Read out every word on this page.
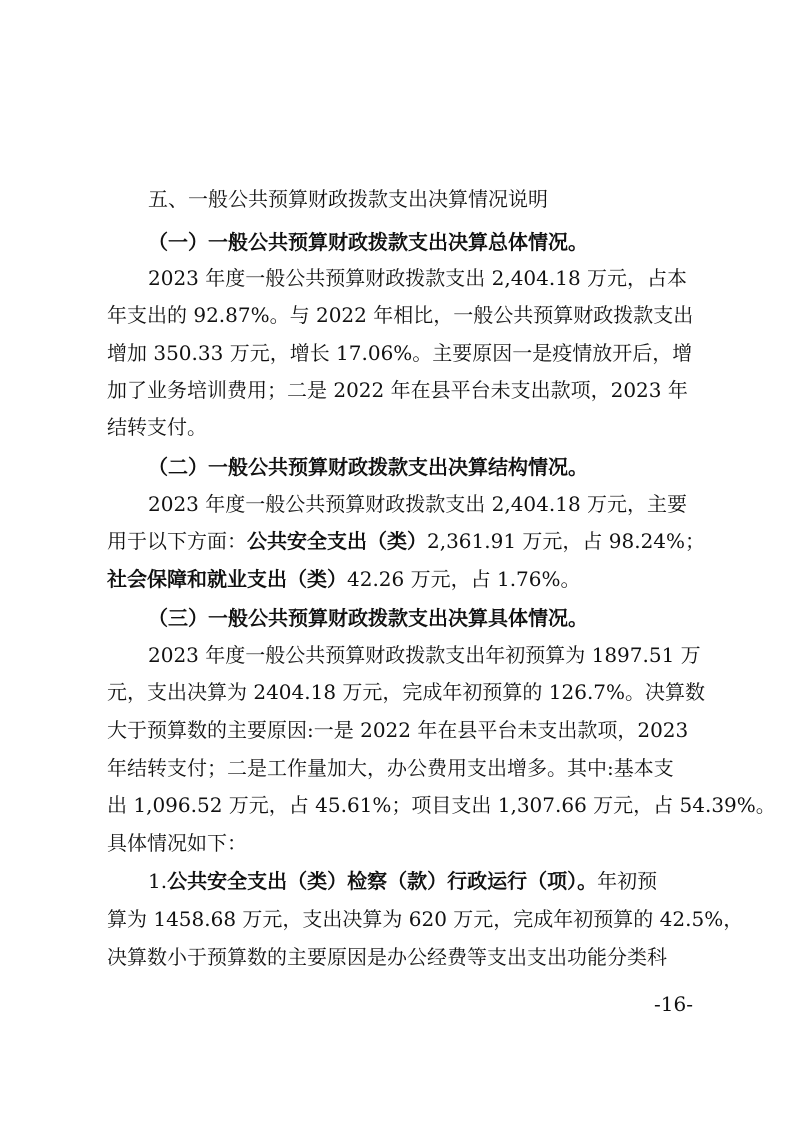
五、一般公共预算财政拨款支出决算情况说明
（一）一般公共预算财政拨款支出决算总体情况。
2023 年度一般公共预算财政拨款支出 2,404.18 万元，占本
年支出的 92.87%。与 2022 年相比，一般公共预算财政拨款支出
增加 350.33 万元，增长 17.06%。主要原因一是疫情放开后，增
加了业务培训费用；二是 2022 年在县平台未支出款项，2023 年
结转支付。
（二）一般公共预算财政拨款支出决算结构情况。
2023 年度一般公共预算财政拨款支出 2,404.18 万元，主要
用于以下方面：公共安全支出（类）2,361.91 万元，占 98.24%；
社会保障和就业支出（类）42.26 万元，占 1.76%。
（三）一般公共预算财政拨款支出决算具体情况。
2023 年度一般公共预算财政拨款支出年初预算为 1897.51 万
元，支出决算为 2404.18 万元，完成年初预算的 126.7%。决算数
大于预算数的主要原因:一是 2022 年在县平台未支出款项，2023
年结转支付；二是工作量加大，办公费用支出增多。其中:基本支
出 1,096.52 万元，占 45.61%；项目支出 1,307.66 万元，占 54.39%。
具体情况如下：
1.公共安全支出（类）检察（款）行政运行（项）。年初预
算为 1458.68 万元，支出决算为 620 万元，完成年初预算的 42.5%，
决算数小于预算数的主要原因是办公经费等支出支出功能分类科
-16-
